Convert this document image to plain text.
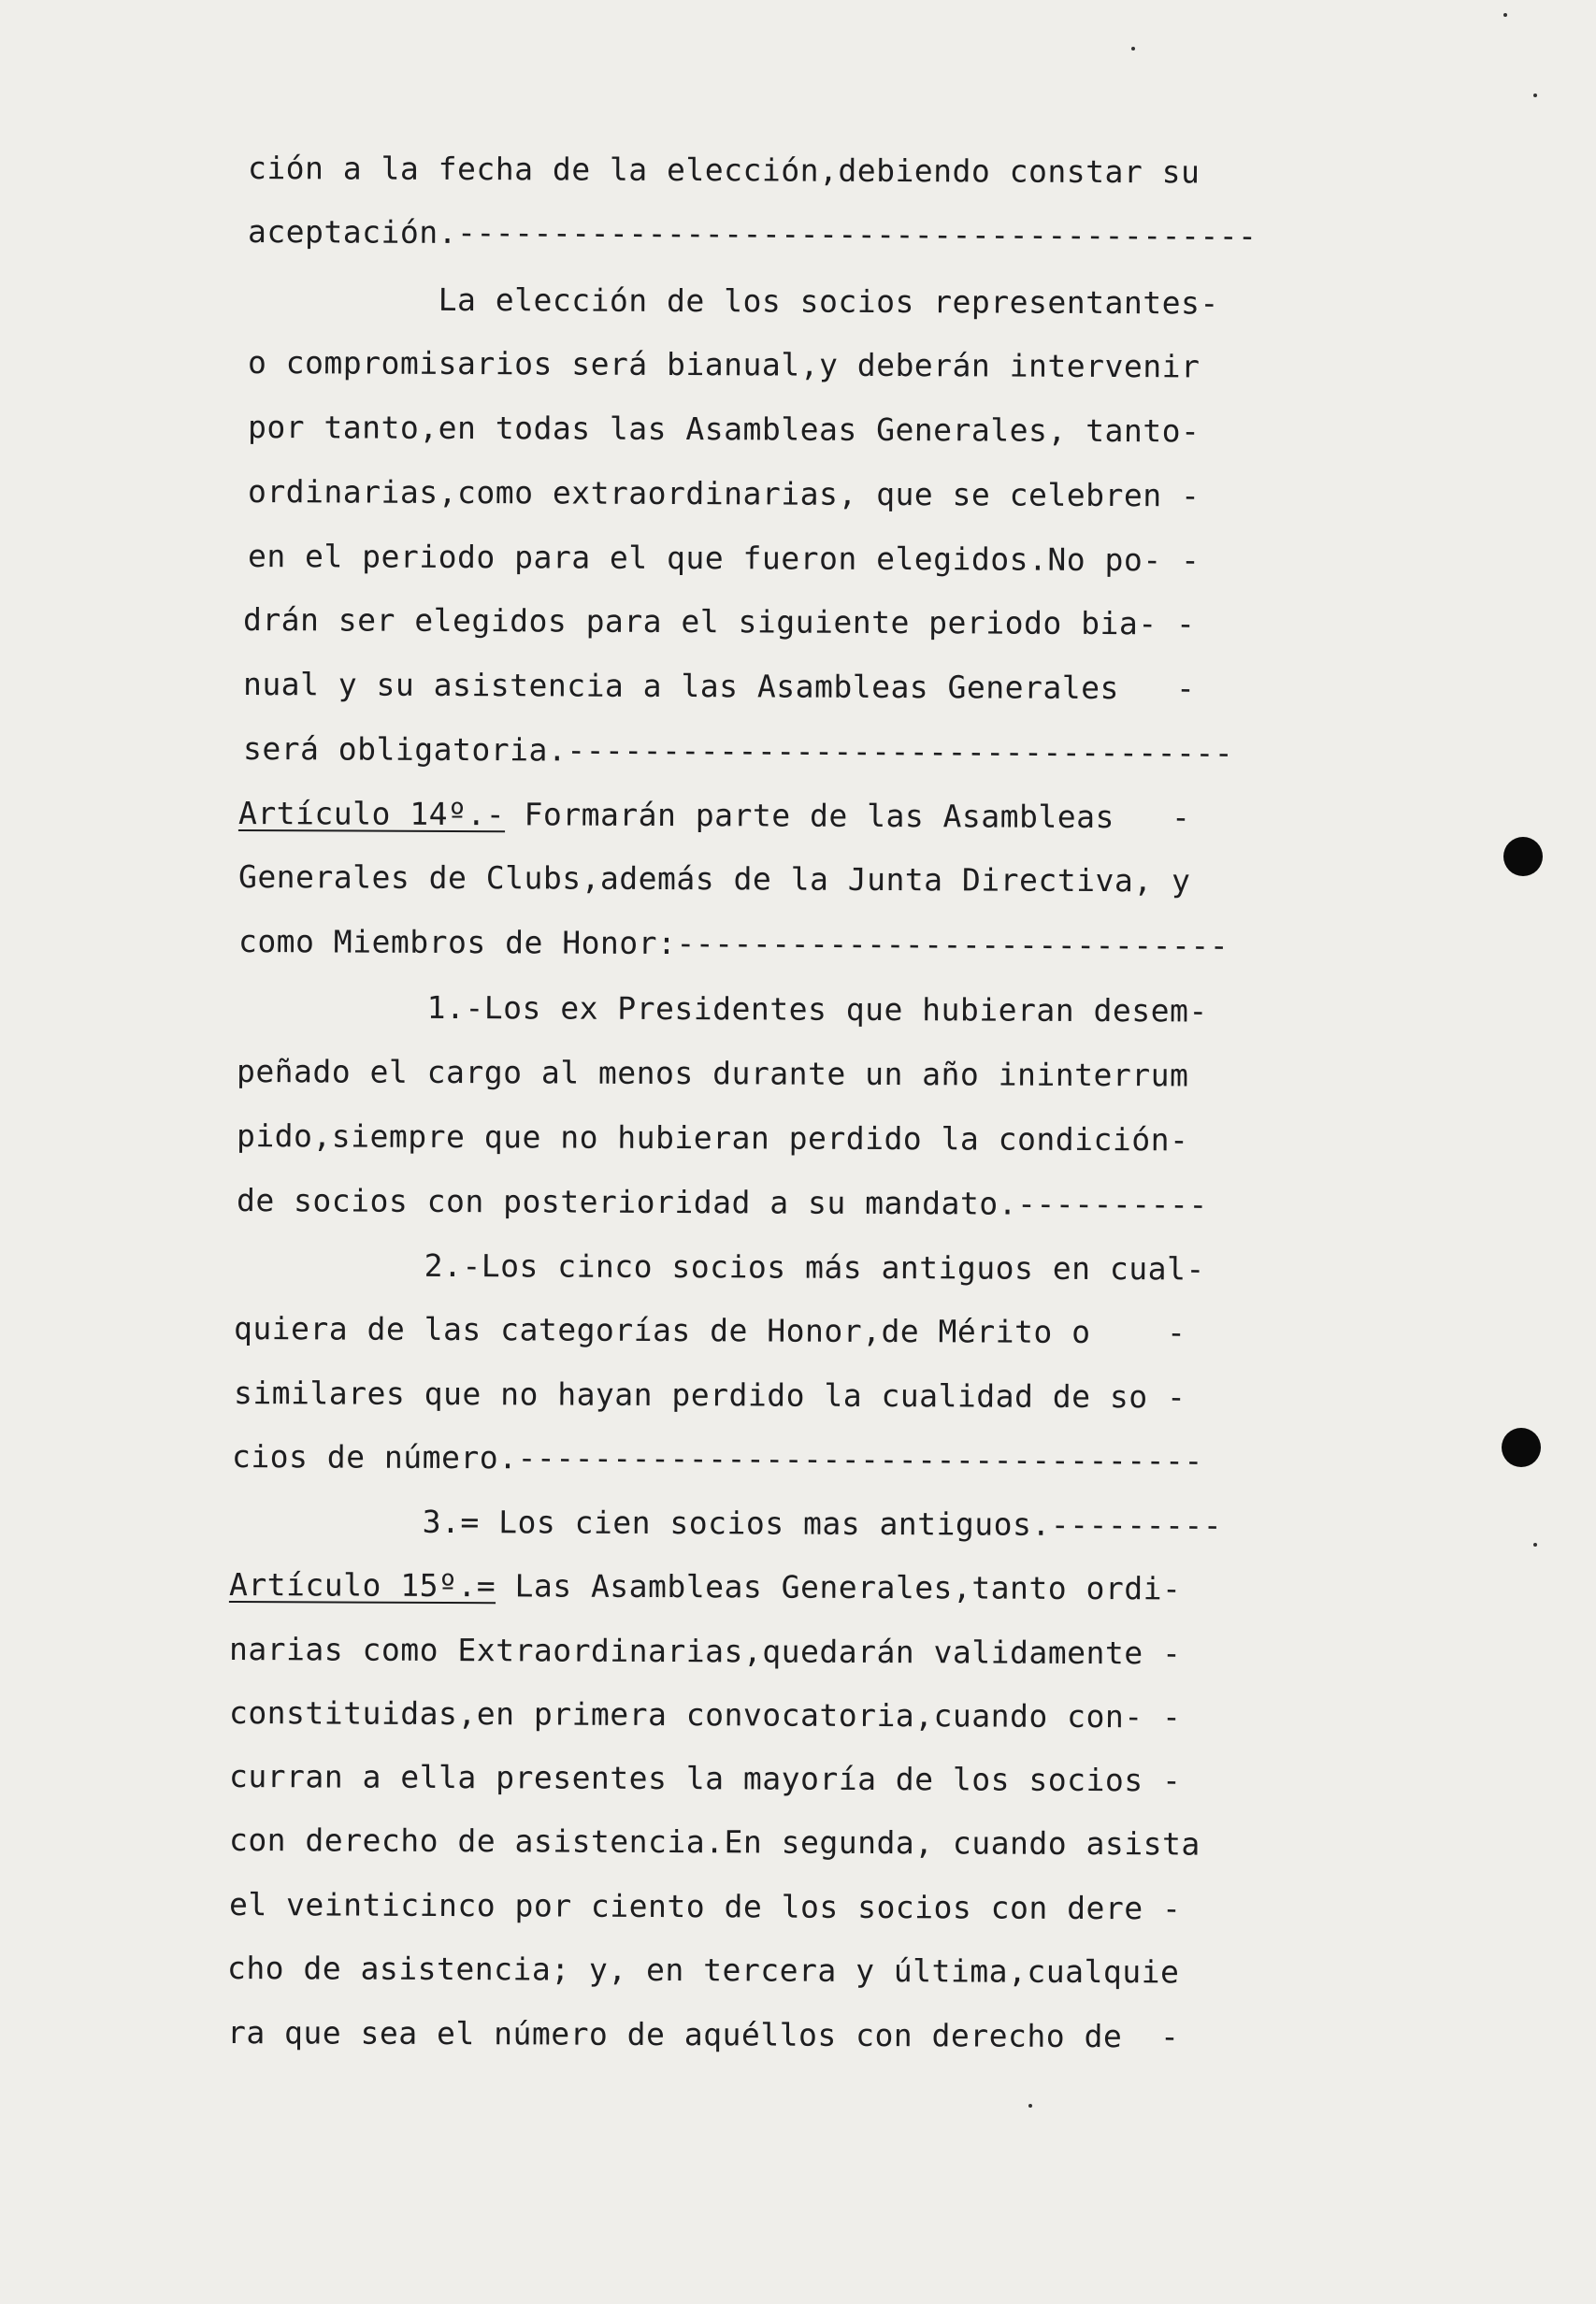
ción a la fecha de la elección,debiendo constar su
aceptación.------------------------------------------
La elección de los socios representantes-
o compromisarios será bianual,y deberán intervenir
por tanto,en todas las Asambleas Generales, tanto-
ordinarias,como extraordinarias, que se celebren -
en el periodo para el que fueron elegidos.No po- -
drán ser elegidos para el siguiente periodo bia- -
nual y su asistencia a las Asambleas Generales   -
será obligatoria.-----------------------------------
Artículo 14º.- Formarán parte de las Asambleas   -
Generales de Clubs,además de la Junta Directiva, y
como Miembros de Honor:-----------------------------
1.-Los ex Presidentes que hubieran desem-
peñado el cargo al menos durante un año ininterrum
pido,siempre que no hubieran perdido la condición-
de socios con posterioridad a su mandato.----------
2.-Los cinco socios más antiguos en cual-
quiera de las categorías de Honor,de Mérito o    -
similares que no hayan perdido la cualidad de so -
cios de número.------------------------------------
3.= Los cien socios mas antiguos.---------
Artículo 15º.= Las Asambleas Generales,tanto ordi-
narias como Extraordinarias,quedarán validamente -
constituidas,en primera convocatoria,cuando con- -
curran a ella presentes la mayoría de los socios -
con derecho de asistencia.En segunda, cuando asista
el veinticinco por ciento de los socios con dere -
cho de asistencia; y, en tercera y última,cualquie
ra que sea el número de aquéllos con derecho de  -
